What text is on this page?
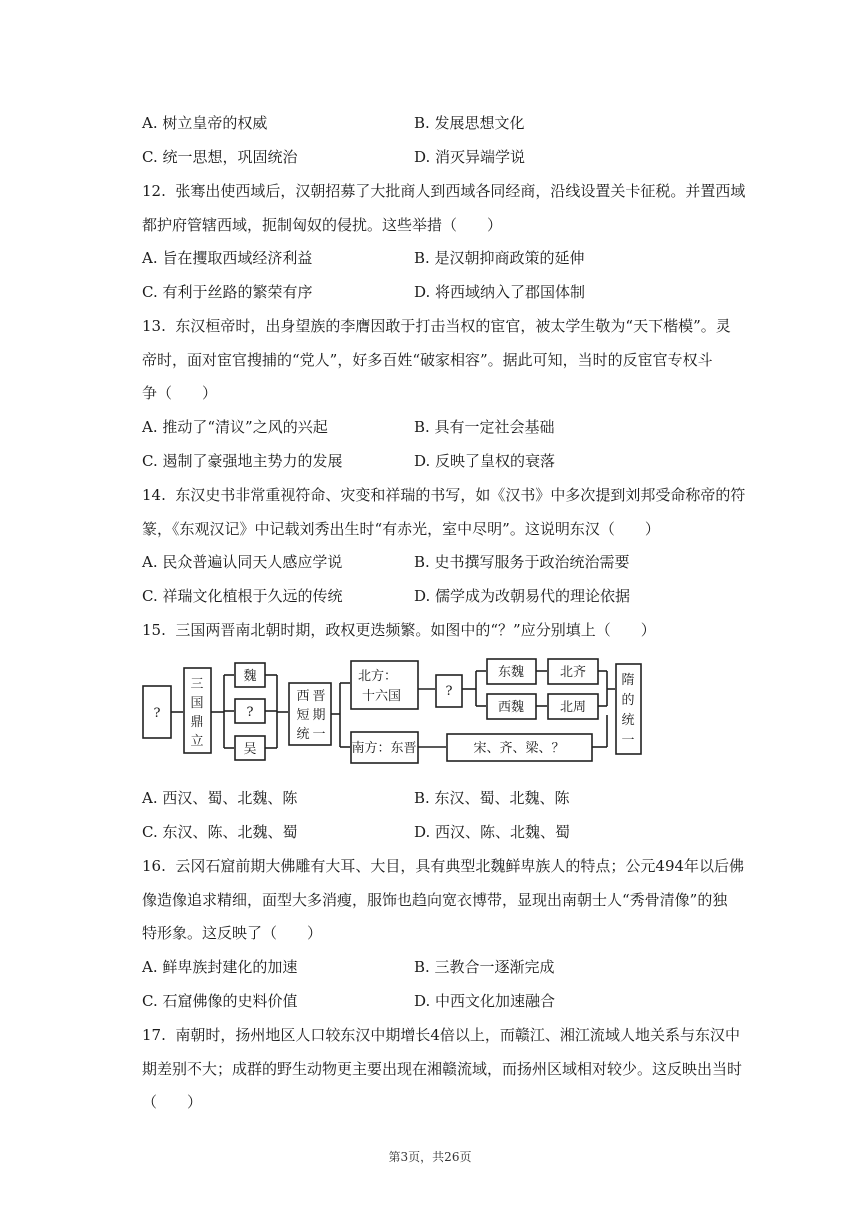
A. 树立皇帝的权威	B. 发展思想文化
C. 统一思想，巩固统治	D. 消灭异端学说
12.  张骞出使西域后，汉朝招募了大批商人到西域各同经商，沿线设置关卡征税。并置西域
都护府管辖西域，扼制匈奴的侵扰。这些举措（　　）
A. 旨在攫取西域经济利益	B. 是汉朝抑商政策的延伸
C. 有利于丝路的繁荣有序	D. 将西域纳入了郡国体制
13.  东汉桓帝时，出身望族的李膺因敢于打击当权的宦官，被太学生敬为“天下楷模”。灵
帝时，面对宦官搜捕的“党人”，好多百姓“破家相容”。据此可知，当时的反宦官专权斗
争（　　）
A. 推动了“清议”之风的兴起	B. 具有一定社会基础
C. 遏制了豪强地主势力的发展	D. 反映了皇权的衰落
14.  东汉史书非常重视符命、灾变和祥瑞的书写，如《汉书》中多次提到刘邦受命称帝的符
篆，《东观汉记》中记载刘秀出生时“有赤光，室中尽明”。这说明东汉（　　）
A. 民众普遍认同天人感应学说	B. 史书撰写服务于政治统治需要
C. 祥瑞文化植根于久远的传统	D. 儒学成为改朝易代的理论依据
15.  三国两晋南北朝时期，政权更迭频繁。如图中的“？”应分别填上（　　）
?
三
国
鼎
立
魏
?
吴
西 晋
短 期
统 一
北方：
十六国	?
东魏	北齐
西魏	北周
南方：东晋	宋、齐、梁、？
隋
的
统
一
A. 西汉、蜀、北魏、陈	B. 东汉、蜀、北魏、陈
C. 东汉、陈、北魏、蜀	D. 西汉、陈、北魏、蜀
16.  云冈石窟前期大佛雕有大耳、大目，具有典型北魏鲜卑族人的特点；公元494年以后佛
像造像追求精细，面型大多消瘦，服饰也趋向宽衣博带，显现出南朝士人“秀骨清像”的独
特形象。这反映了（　　）
A. 鲜卑族封建化的加速	B. 三教合一逐渐完成
C. 石窟佛像的史料价值	D. 中西文化加速融合
17.  南朝时，扬州地区人口较东汉中期增长4倍以上，而赣江、湘江流域人地关系与东汉中
期差别不大；成群的野生动物更主要出现在湘赣流域，而扬州区域相对较少。这反映出当时
（　　）
第3页，共26页
